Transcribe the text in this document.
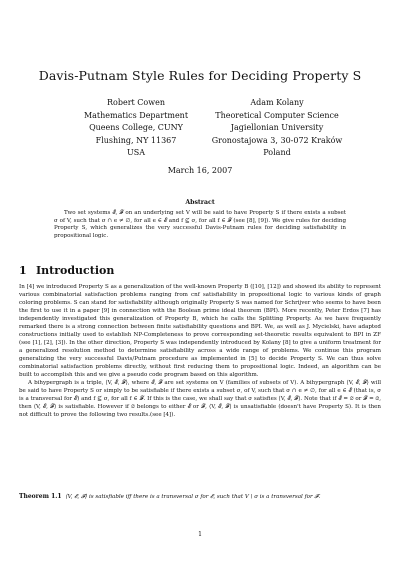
Davis-Putnam Style Rules for Deciding Property S
Robert Cowen
Mathematics Department
Queens College, CUNY
Flushing, NY 11367
USA
Adam Kolany
Theoretical Computer Science
Jagiellonian University
Gronostajowa 3, 30-072 Kraków
Poland
March 16, 2007
Abstract
Two set systems 𝓔, 𝓕 on an underlying set V will be said to have Property S if there exists a subset σ of V, such that σ ∩ e ≠ ∅, for all e ∈ 𝓔 and f ⊈ σ, for all f ∈ 𝓕 (see [8], [9]). We give rules for deciding Property S, which generalizes the very successful Davis-Putnam rules for deciding satisfiability in propositional logic.
1 Introduction

In [4] we introduced Property S as a generalization of the well-known Property B ([10], [12]) and showed its ability to represent various combinatorial satisfaction problems ranging from cnf satisfiability in propositional logic to various kinds of graph coloring problems. S can stand for satisfiability although originally Property S was named for Schrijver who seems to have been the first to use it in a paper [9] in connection with the Boolean prime ideal theorem (BPI). More recently, Peter Erdos [7] has independently investigated this generalization of Property B, which he calls the Splitting Property. As we have frequently remarked there is a strong connection between finite satisfiability questions and BPI. We, as well as J. Mycielski, have adapted constructions initially used to establish NP-Completeness to prove corresponding set-theoretic results equivalent to BPI in ZF (see [1], [2], [3]). In the other direction, Property S was independently introduced by Kolany [8] to give a uniform treatment for a generalized resolution method to determine satisfiability across a wide range of problems. We continue this program generalizing the very successful Davis/Putnam procedure as implemented in [5] to decide Property S. We can thus solve combinatorial satisfaction problems directly, without first reducing them to propositional logic. Indeed, an algorithm can be built to accomplish this and we give a pseudo code program based on this algorithm.

A bihypergraph is a triple, ⟨V, 𝓔, 𝓕⟩, where 𝓔, 𝓕 are set systems on V (families of subsets of V). A bihypergraph ⟨V, 𝓔, 𝓕⟩ will be said to have Property S or simply to be satisfiable if there exists a subset σ, of V, such that σ ∩ e ≠ ∅, for all e ∈ 𝓔 (that is, σ is a transversal for 𝓔) and f ⊈ σ, for all f ∈ 𝓕. If this is the case, we shall say that σ satisfies ⟨V, 𝓔, 𝓕⟩. Note that if 𝓔 = ∅ or 𝓕 = ∅, then ⟨V, 𝓔, 𝓕⟩ is satisfiable. However if ∅ belongs to either 𝓔 or 𝓕, ⟨V, 𝓔, 𝓕⟩ is unsatisfiable (doesn't have Property S). It is then not difficult to prove the following two results.(see [4]).

Theorem 1.1 ⟨V, 𝓔, 𝓕⟩ is satisfiable iff there is a transversal σ for 𝓔, such that V \ σ is a transversal for 𝓕.
1
